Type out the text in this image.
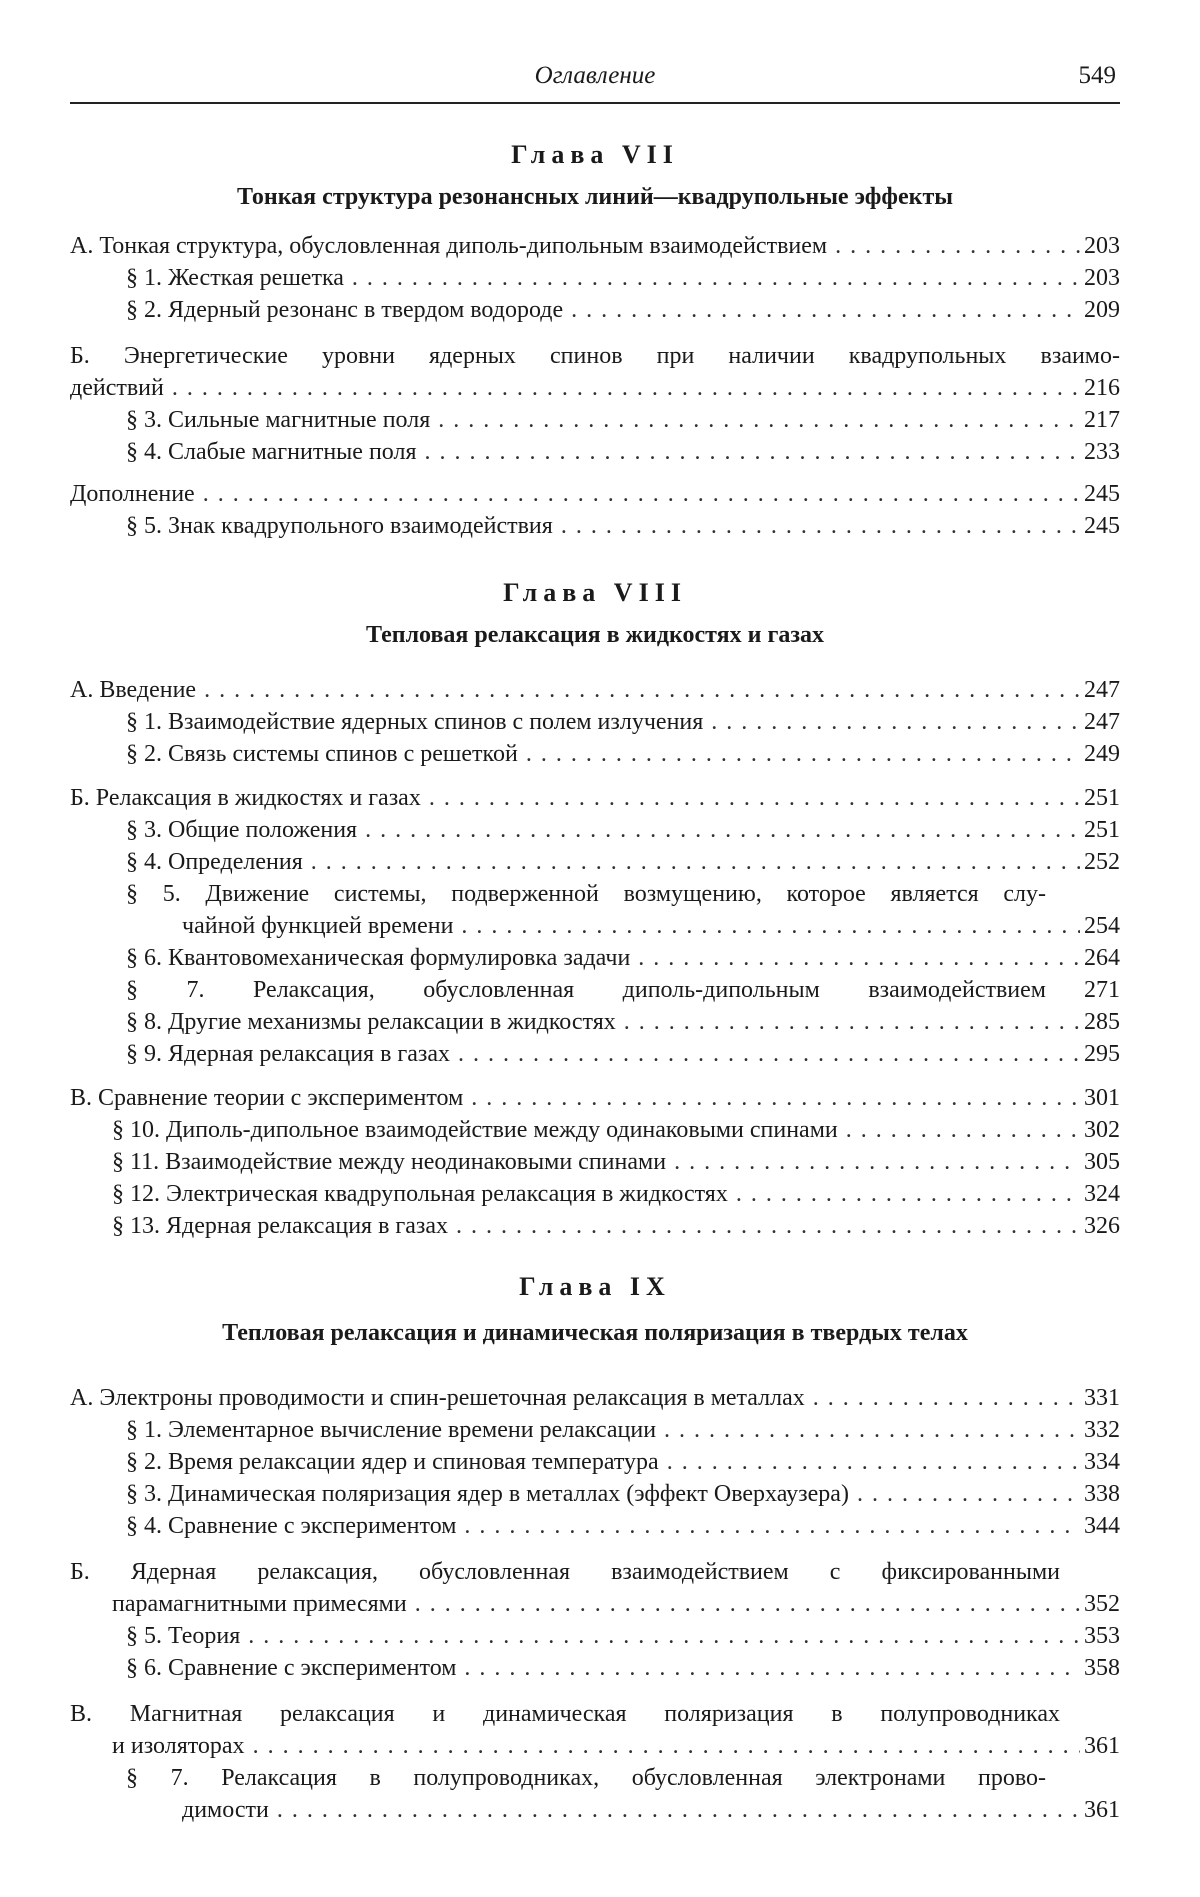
Оглавление	549
Глава VII
Тонкая структура резонансных линий—квадрупольные эффекты
А. Тонкая структура, обусловленная диполь-дипольным взаимодействием . . .	203
§ 1. Жесткая решетка . . .	203
§ 2. Ядерный резонанс в твердом водороде . . .	209
Б. Энергетические уровни ядерных спинов при наличии квадрупольных взаимо-
действий . . .	216
§ 3. Сильные магнитные поля . . .	217
§ 4. Слабые магнитные поля . . .	233
Дополнение . . .	245
§ 5. Знак квадрупольного взаимодействия . . .	245
Глава VIII
Тепловая релаксация в жидкостях и газах
А. Введение . . .	247
§ 1. Взаимодействие ядерных спинов с полем излучения . . .	247
§ 2. Связь системы спинов с решеткой . . .	249
Б. Релаксация в жидкостях и газах . . .	251
§ 3. Общие положения . . .	251
§ 4. Определения . . .	252
§ 5. Движение системы, подверженной возмущению, которое является слу-
чайной функцией времени . . .	254
§ 6. Квантовомеханическая формулировка задачи . . .	264
§ 7. Релаксация, обусловленная диполь-дипольным взаимодействием	271
§ 8. Другие механизмы релаксации в жидкостях . . .	285
§ 9. Ядерная релаксация в газах . . .	295
В. Сравнение теории с экспериментом . . .	301
§ 10. Диполь-дипольное взаимодействие между одинаковыми спинами . . .	302
§ 11. Взаимодействие между неодинаковыми спинами . . .	305
§ 12. Электрическая квадрупольная релаксация в жидкостях . . .	324
§ 13. Ядерная релаксация в газах . . .	326
Глава IX
Тепловая релаксация и динамическая поляризация в твердых телах
А. Электроны проводимости и спин-решеточная релаксация в металлах . . .	331
§ 1. Элементарное вычисление времени релаксации . . .	332
§ 2. Время релаксации ядер и спиновая температура . . .	334
§ 3. Динамическая поляризация ядер в металлах (эффект Оверхаузера) . . .	338
§ 4. Сравнение с экспериментом . . .	344
Б. Ядерная релаксация, обусловленная взаимодействием с фиксированными
парамагнитными примесями . . .	352
§ 5. Теория . . .	353
§ 6. Сравнение с экспериментом . . .	358
В. Магнитная релаксация и динамическая поляризация в полупроводниках
и изоляторах . . .	361
§ 7. Релаксация в полупроводниках, обусловленная электронами прово-
димости . . .	361
